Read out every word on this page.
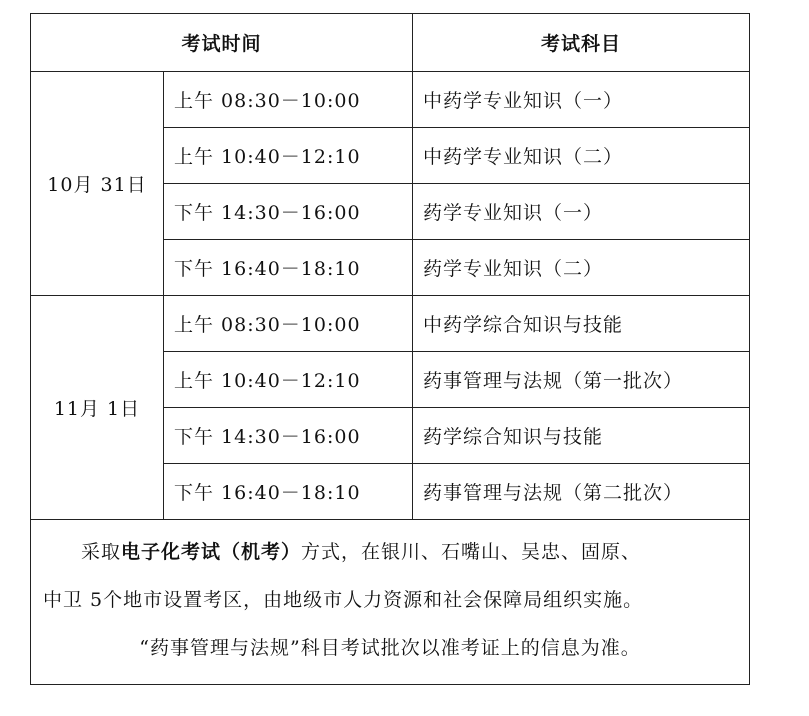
考试时间		考试科目
10月 31日	上午 08:30－10:00	中药学专业知识（一）
	上午 10:40－12:10	中药学专业知识（二）
	下午 14:30－16:00	药学专业知识（一）
	下午 16:40－18:10	药学专业知识（二）
11月 1日	上午 08:30－10:00	中药学综合知识与技能
	上午 10:40－12:10	药事管理与法规（第一批次）
	下午 14:30－16:00	药学综合知识与技能
	下午 16:40－18:10	药事管理与法规（第二批次）

采取电子化考试（机考）方式，在银川、石嘴山、吴忠、固原、

中卫 5个地市设置考区，由地级市人力资源和社会保障局组织实施。

“药事管理与法规”科目考试批次以准考证上的信息为准。		
